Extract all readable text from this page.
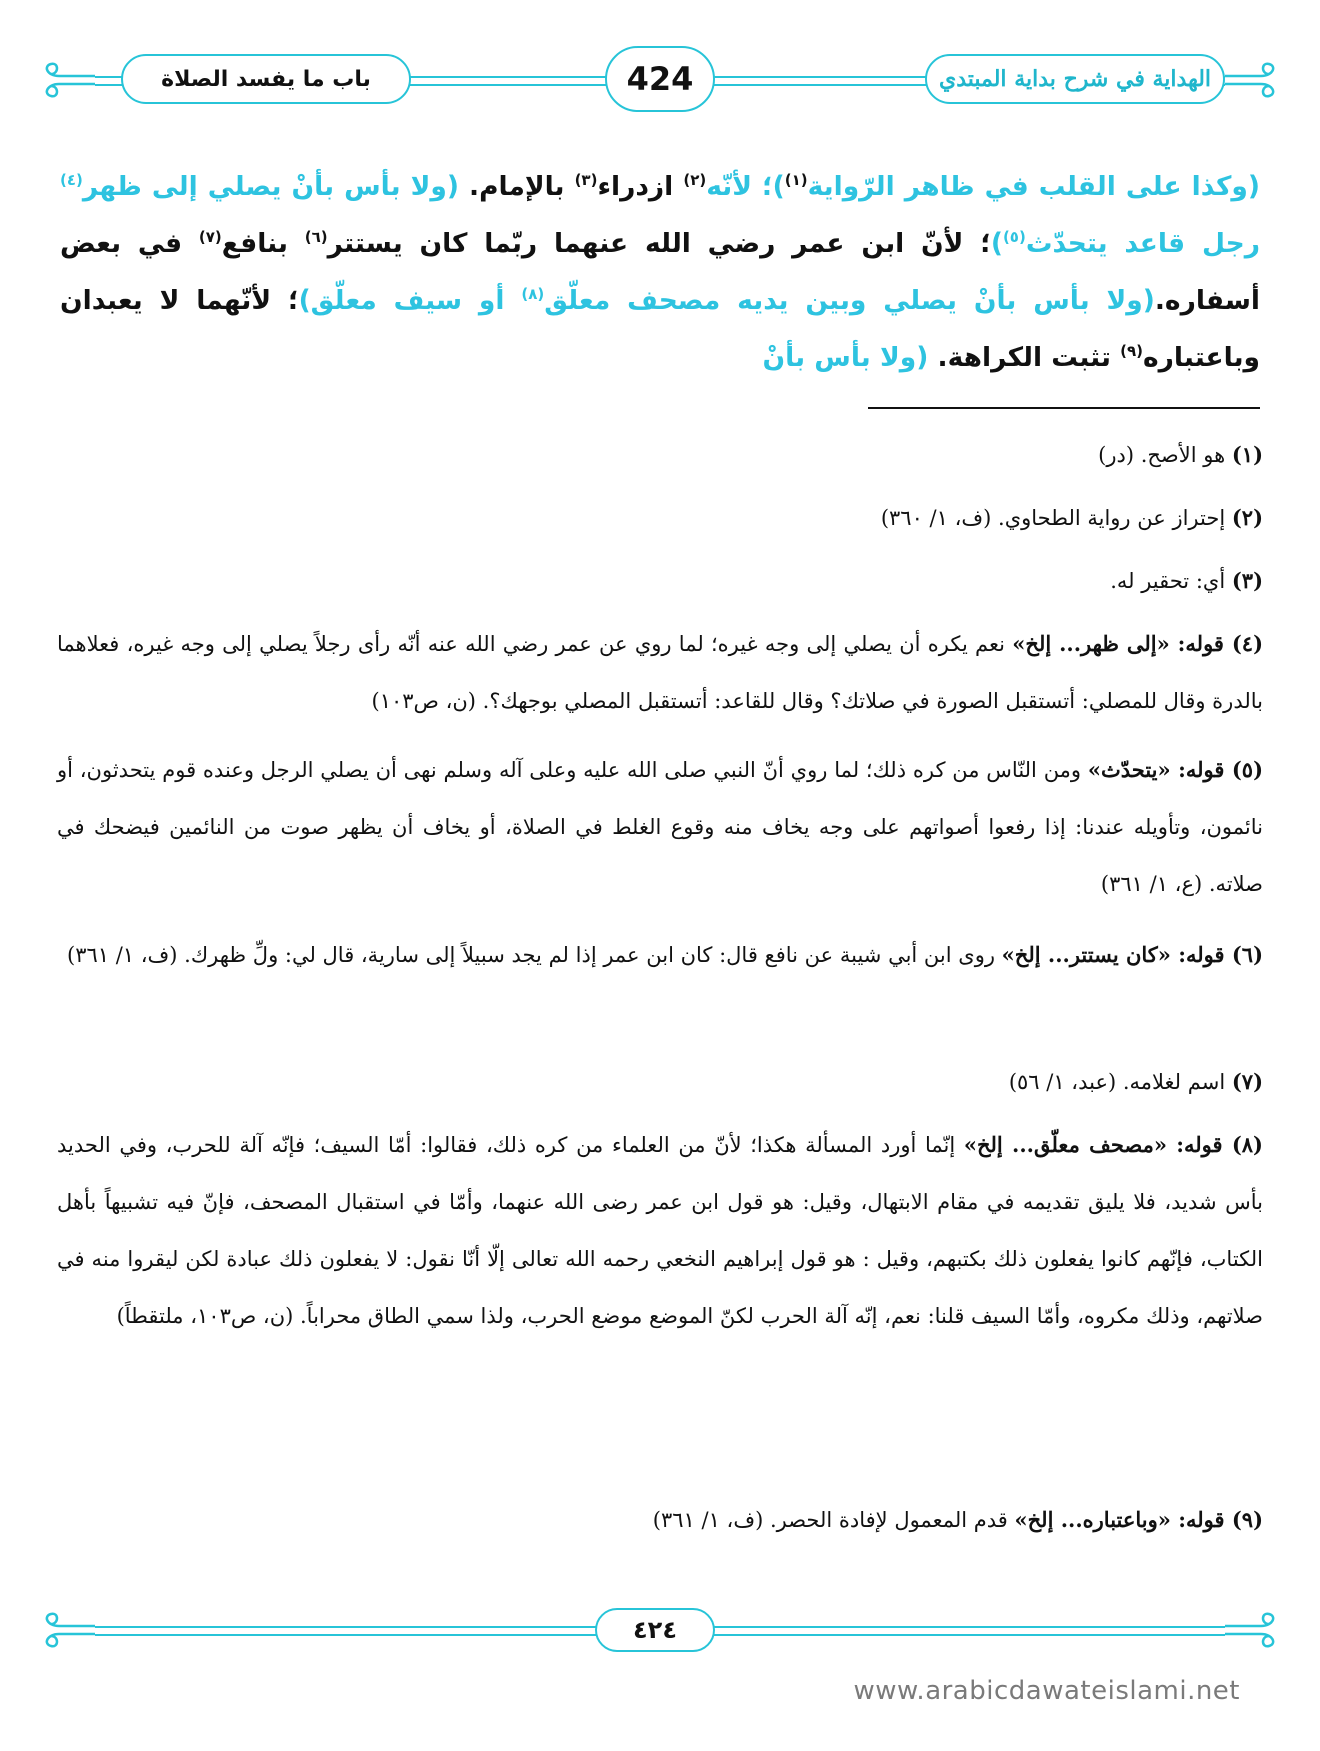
باب ما يفسد الصلاة	424	الهداية في شرح بداية المبتدي
(وكذا على القلب في ظاهر الرّواية$^{(١)}$)؛ لأنّه$^{(٢)}$ ازدراء$^{(٣)}$ بالإمام. (ولا بأس بأنْ يصلي إلى ظهر$^{(٤)}$ رجل قاعد يتحدّث$^{(٥)}$)؛ لأنّ ابن عمر رضي الله عنهما ربّما كان يستتر$^{(٦)}$ بنافع$^{(٧)}$ في بعض أسفاره.(ولا بأس بأنْ يصلي وبين يديه مصحف معلّق$^{(٨)}$ أو سيف معلّق)؛ لأنّهما لا يعبدان وباعتباره$^{(٩)}$ تثبت الكراهة. (ولا بأس بأنْ
(١) هو الأصح. (در)
(٢) إحتراز عن رواية الطحاوي. (ف، ١/ ٣٦٠)
(٣) أي: تحقير له.
(٤) قوله: «إلى ظهر... إلخ» نعم يكره أن يصلي إلى وجه غيره؛ لما روي عن عمر رضي الله عنه أنّه رأى رجلاً يصلي إلى وجه غيره، فعلاهما بالدرة وقال للمصلي: أتستقبل الصورة في صلاتك؟ وقال للقاعد: أتستقبل المصلي بوجهك؟. (ن، ص١٠٣)
(٥) قوله: «يتحدّث» ومن النّاس من كره ذلك؛ لما روي أنّ النبي صلى الله عليه وعلى آله وسلم نهى أن يصلي الرجل وعنده قوم يتحدثون، أو نائمون، وتأويله عندنا: إذا رفعوا أصواتهم على وجه يخاف منه وقوع الغلط في الصلاة، أو يخاف أن يظهر صوت من النائمين فيضحك في صلاته. (ع، ١/ ٣٦١)
(٦) قوله: «كان يستتر... إلخ» روى ابن أبي شيبة عن نافع قال: كان ابن عمر إذا لم يجد سبيلاً إلى سارية، قال لي: ولِّ ظهرك. (ف، ١/ ٣٦١)
(٧) اسم لغلامه. (عبد، ١/ ٥٦)
(٨) قوله: «مصحف معلّق... إلخ» إنّما أورد المسألة هكذا؛ لأنّ من العلماء من كره ذلك، فقالوا: أمّا السيف؛ فإنّه آلة للحرب، وفي الحديد بأس شديد، فلا يليق تقديمه في مقام الابتهال، وقيل: هو قول ابن عمر رضى الله عنهما، وأمّا في استقبال المصحف، فإنّ فيه تشبيهاً بأهل الكتاب، فإنّهم كانوا يفعلون ذلك بكتبهم، وقيل : هو قول إبراهيم النخعي رحمه الله تعالى إلّا أنّا نقول: لا يفعلون ذلك عبادة لكن ليقروا منه في صلاتهم، وذلك مكروه، وأمّا السيف قلنا: نعم، إنّه آلة الحرب لكنّ الموضع موضع الحرب، ولذا سمي الطاق محراباً. (ن، ص١٠٣، ملتقطاً)
(٩) قوله: «وباعتباره... إلخ» قدم المعمول لإفادة الحصر. (ف، ١/ ٣٦١)
www.arabicdawateislami.net
٤٢٤
